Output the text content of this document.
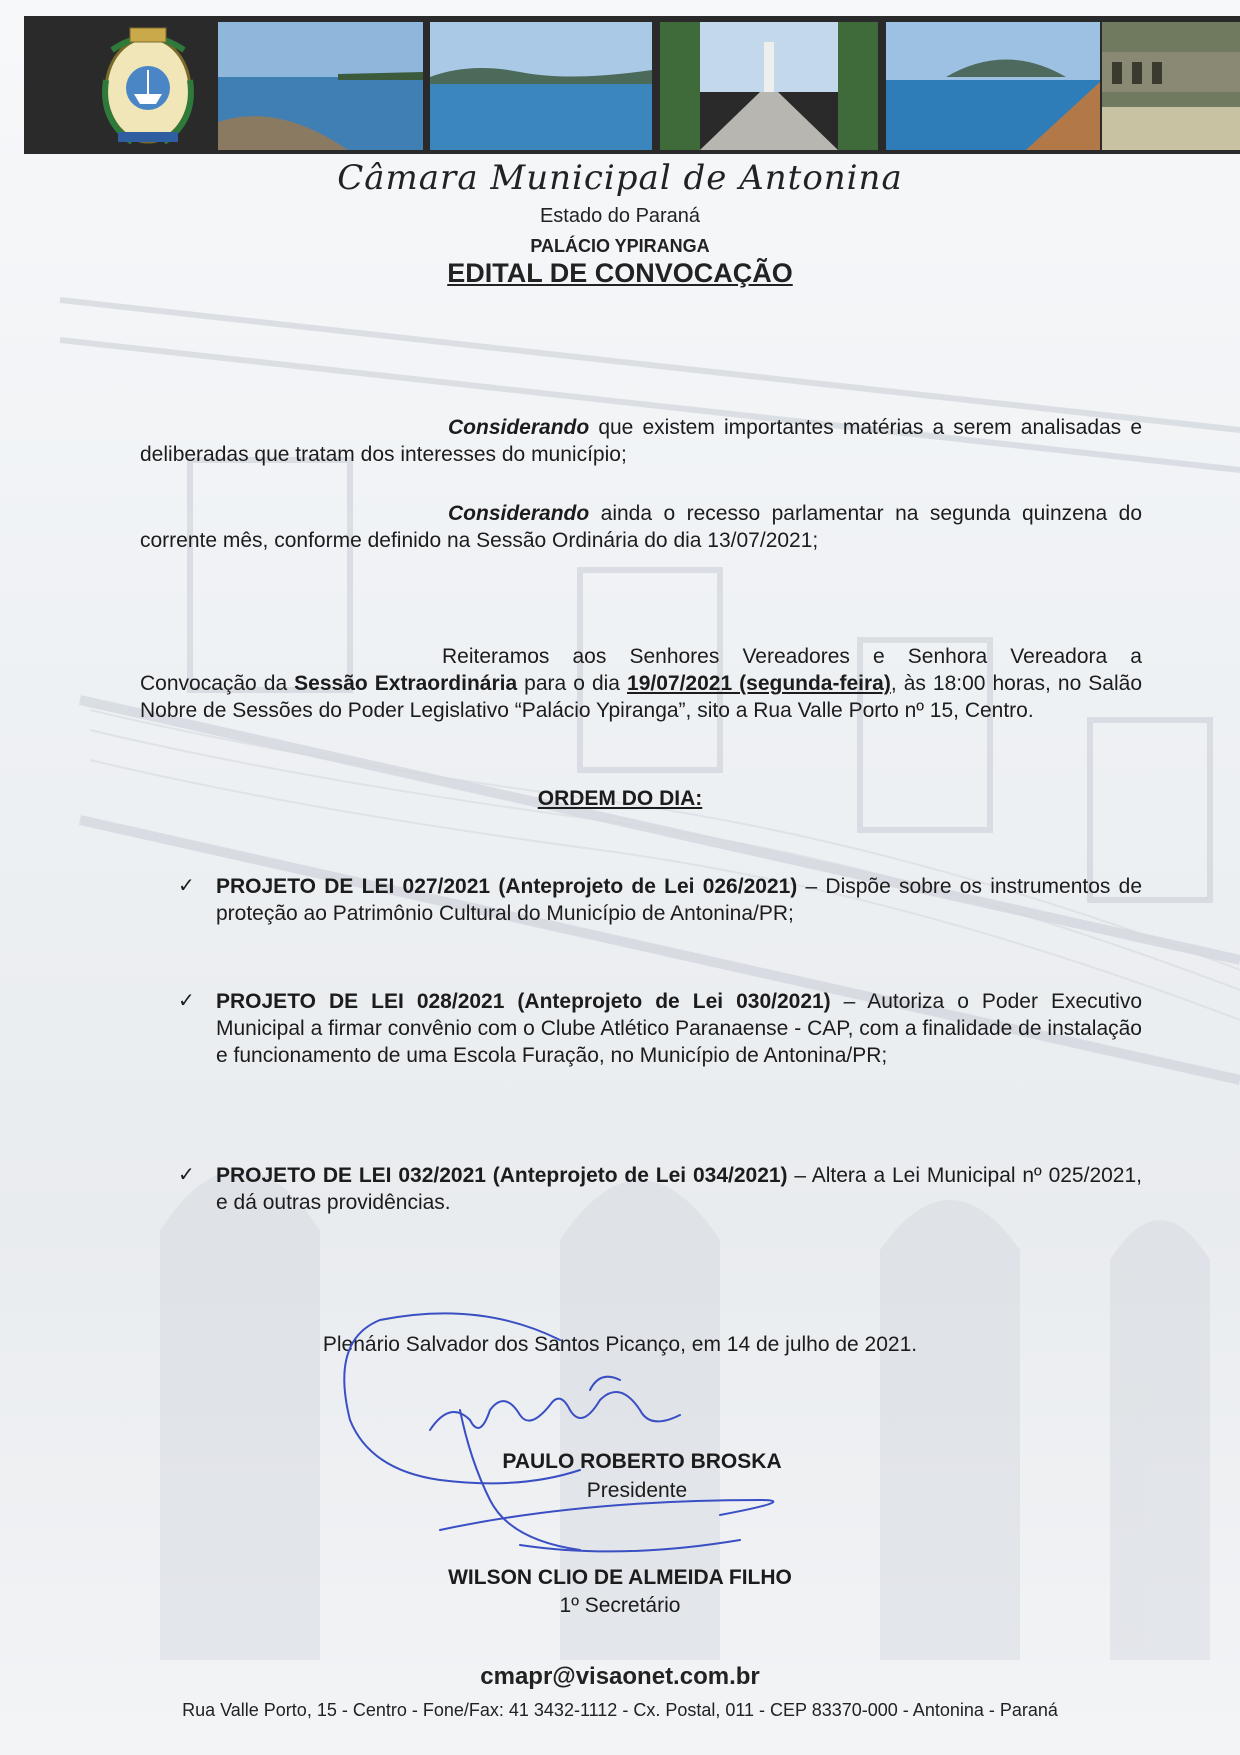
Câmara Municipal de Antonina
Estado do Paraná
PALÁCIO YPIRANGA
EDITAL DE CONVOCAÇÃO
Considerando que existem importantes matérias a serem analisadas e deliberadas que tratam dos interesses do município;
Considerando ainda o recesso parlamentar na segunda quinzena do corrente mês, conforme definido na Sessão Ordinária do dia 13/07/2021;
Reiteramos aos Senhores Vereadores e Senhora Vereadora a Convocação da Sessão Extraordinária para o dia 19/07/2021 (segunda-feira), às 18:00 horas, no Salão Nobre de Sessões do Poder Legislativo “Palácio Ypiranga”, sito a Rua Valle Porto nº 15, Centro.
ORDEM DO DIA:
✓ PROJETO DE LEI 027/2021 (Anteprojeto de Lei 026/2021) – Dispõe sobre os instrumentos de proteção ao Patrimônio Cultural do Município de Antonina/PR;
✓ PROJETO DE LEI 028/2021 (Anteprojeto de Lei 030/2021) – Autoriza o Poder Executivo Municipal a firmar convênio com o Clube Atlético Paranaense - CAP, com a finalidade de instalação e funcionamento de uma Escola Furação, no Município de Antonina/PR;
✓ PROJETO DE LEI 032/2021 (Anteprojeto de Lei 034/2021) – Altera a Lei Municipal nº 025/2021, e dá outras providências.
Plenário Salvador dos Santos Picanço, em 14 de julho de 2021.
PAULO ROBERTO BROSKA
Presidente
WILSON CLIO DE ALMEIDA FILHO
1º Secretário
cmapr@visaonet.com.br
Rua Valle Porto, 15 - Centro - Fone/Fax: 41 3432-1112 - Cx. Postal, 011 - CEP 83370-000 - Antonina - Paraná
